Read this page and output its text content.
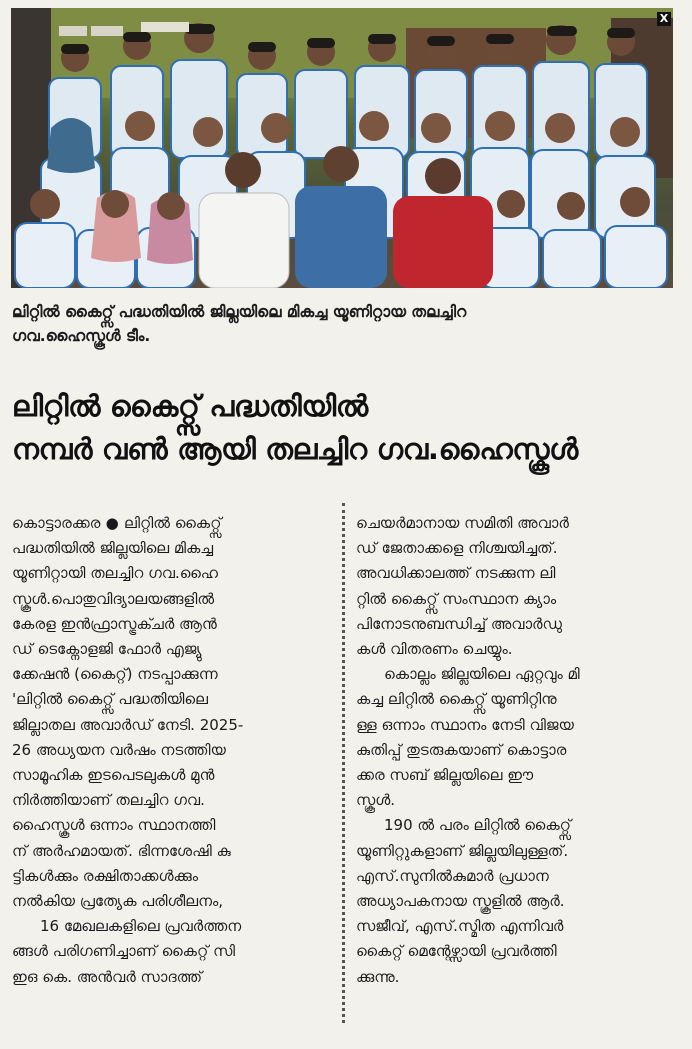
X
ലിറ്റിൽ കൈറ്റ്സ് പദ്ധതിയിൽ ജില്ലയിലെ മികച്ച യൂണിറ്റായ തലച്ചിറ
ഗവ.ഹൈസ്കൂൾ ടീം.
ലിറ്റിൽ കൈറ്റ്സ് പദ്ധതിയിൽ
നമ്പർ വൺ ആയി തലച്ചിറ ഗവ.ഹൈസ്കൂൾ
കൊട്ടാരക്കര ● ലിറ്റിൽ കൈറ്റ്സ്
പദ്ധതിയിൽ ജില്ലയിലെ മികച്ച
യൂണിറ്റായി തലച്ചിറ ഗവ.ഹൈ
സ്കൂൾ.പൊതുവിദ്യാലയങ്ങളിൽ
കേരള ഇൻഫ്രാസ്ട്രക്ചർ ആൻ
ഡ് ടെക്നോളജി ഫോർ എജ്യു
ക്കേഷൻ (കൈറ്റ്) നടപ്പാക്കുന്ന
'ലിറ്റിൽ കൈറ്റ്സ് പദ്ധതിയിലെ
ജില്ലാതല അവാർഡ് നേടി. 2025-
26 അധ്യയന വർഷം നടത്തിയ
സാമൂഹിക ഇടപെടലുകൾ മുൻ
നിർത്തിയാണ് തലച്ചിറ ഗവ.
ഹൈസ്കൂൾ ഒന്നാം സ്ഥാനത്തി
ന് അർഹമായത്. ഭിന്നശേഷി കു
ട്ടികൾക്കും രക്ഷിതാക്കൾക്കും
നൽകിയ പ്രത്യേക പരിശീലനം,
16 മേഖലകളിലെ പ്രവർത്തന
ങ്ങൾ പരിഗണിച്ചാണ് കൈറ്റ് സി
ഇഒ കെ. അൻവർ സാദത്ത്
ചെയർമാനായ സമിതി അവാർ
ഡ് ജേതാക്കളെ നിശ്ചയിച്ചത്.
അവധിക്കാലത്ത് നടക്കുന്ന ലി
റ്റിൽ കൈറ്റ്സ് സംസ്ഥാന ക്യാം
പിനോടനുബന്ധിച്ച് അവാർഡു
കൾ വിതരണം ചെയ്യും.
കൊല്ലം ജില്ലയിലെ ഏറ്റവും മി
കച്ച ലിറ്റിൽ കൈറ്റ്സ് യൂണിറ്റിനു
ള്ള ഒന്നാം സ്ഥാനം നേടി വിജയ
കുതിപ്പ് തുടരുകയാണ് കൊട്ടാര
ക്കര സബ് ജില്ലയിലെ ഈ
സ്കൂൾ.
190 ൽ പരം ലിറ്റിൽ കൈറ്റ്സ്
യൂണിറ്റുകളാണ് ജില്ലയിലുള്ളത്.
എസ്.സുനിൽകുമാർ പ്രധാന
അധ്യാപകനായ സ്കൂളിൽ ആർ.
സജീവ്, എസ്.സ്മിത എന്നിവർ
കൈറ്റ് മെന്റേഴ്സായി പ്രവർത്തി
ക്കുന്നു.
